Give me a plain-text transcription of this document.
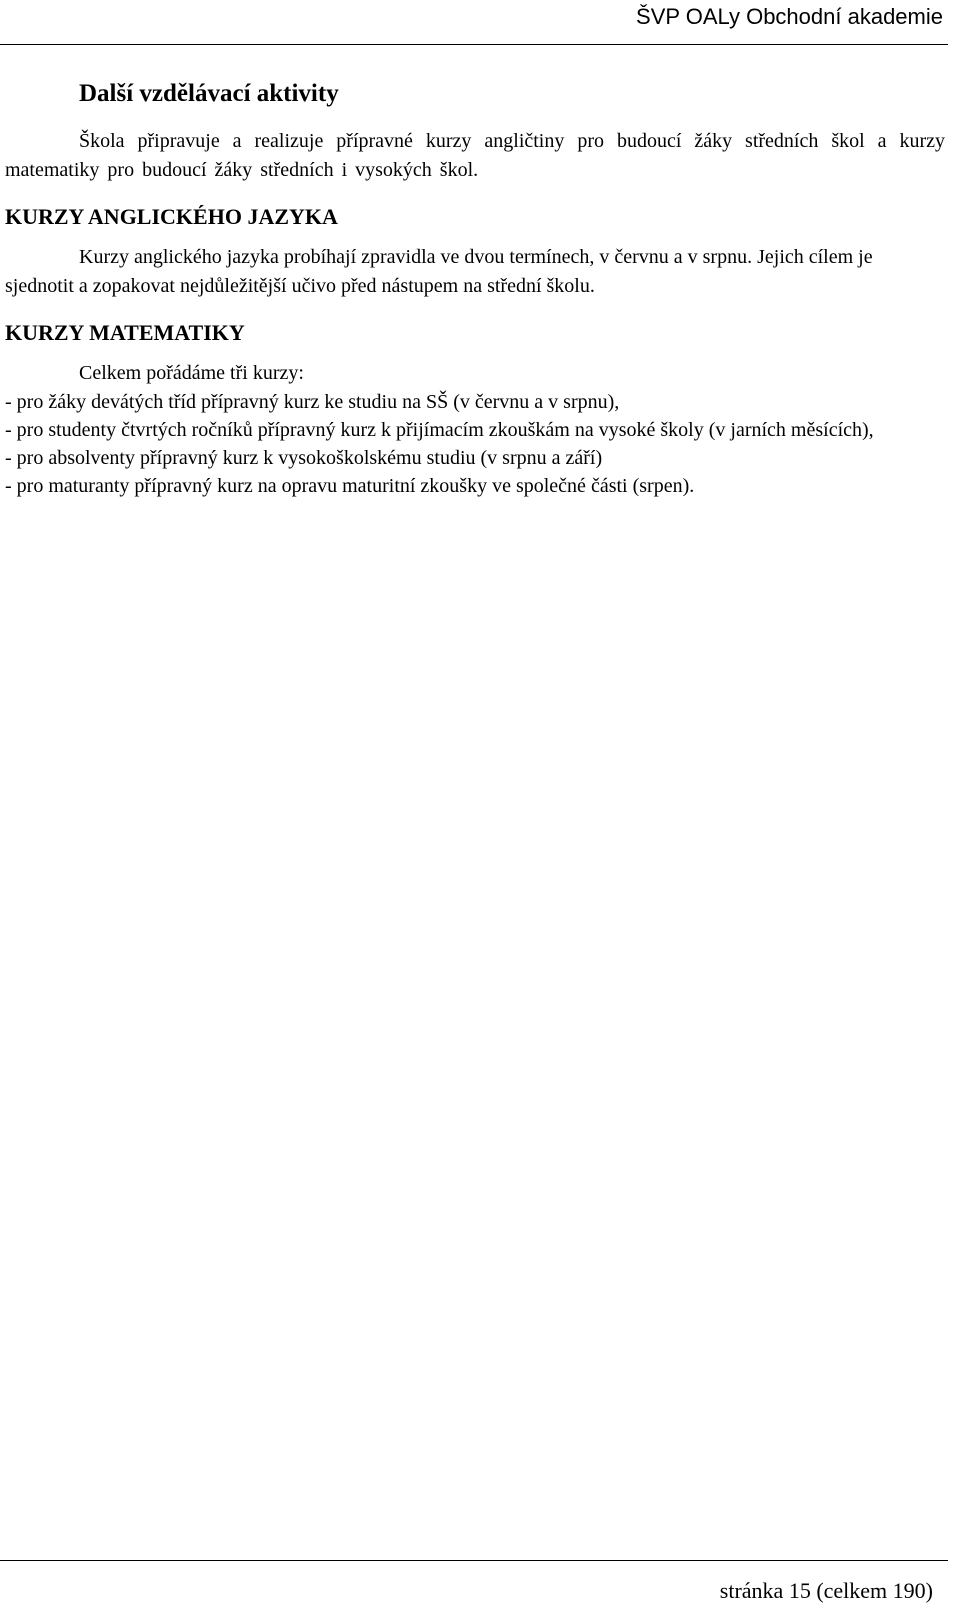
ŠVP OALy Obchodní akademie
Další vzdělávací aktivity

Škola připravuje a realizuje přípravné kurzy angličtiny pro budoucí žáky středních škol a kurzy matematiky pro budoucí žáky středních i vysokých škol.

KURZY ANGLICKÉHO JAZYKA

Kurzy anglického jazyka probíhají zpravidla ve dvou termínech, v červnu a v srpnu. Jejich cílem je sjednotit a zopakovat nejdůležitější učivo před nástupem na střední školu.

KURZY MATEMATIKY

Celkem pořádáme tři kurzy:

- pro žáky devátých tříd přípravný kurz ke studiu na SŠ (v červnu a v srpnu),
- pro studenty čtvrtých ročníků přípravný kurz k přijímacím zkouškám na vysoké školy (v jarních měsících),
- pro absolventy přípravný kurz k vysokoškolskému studiu (v srpnu a září)
- pro maturanty přípravný kurz na opravu maturitní zkoušky ve společné části (srpen).
stránka 15 (celkem 190)
